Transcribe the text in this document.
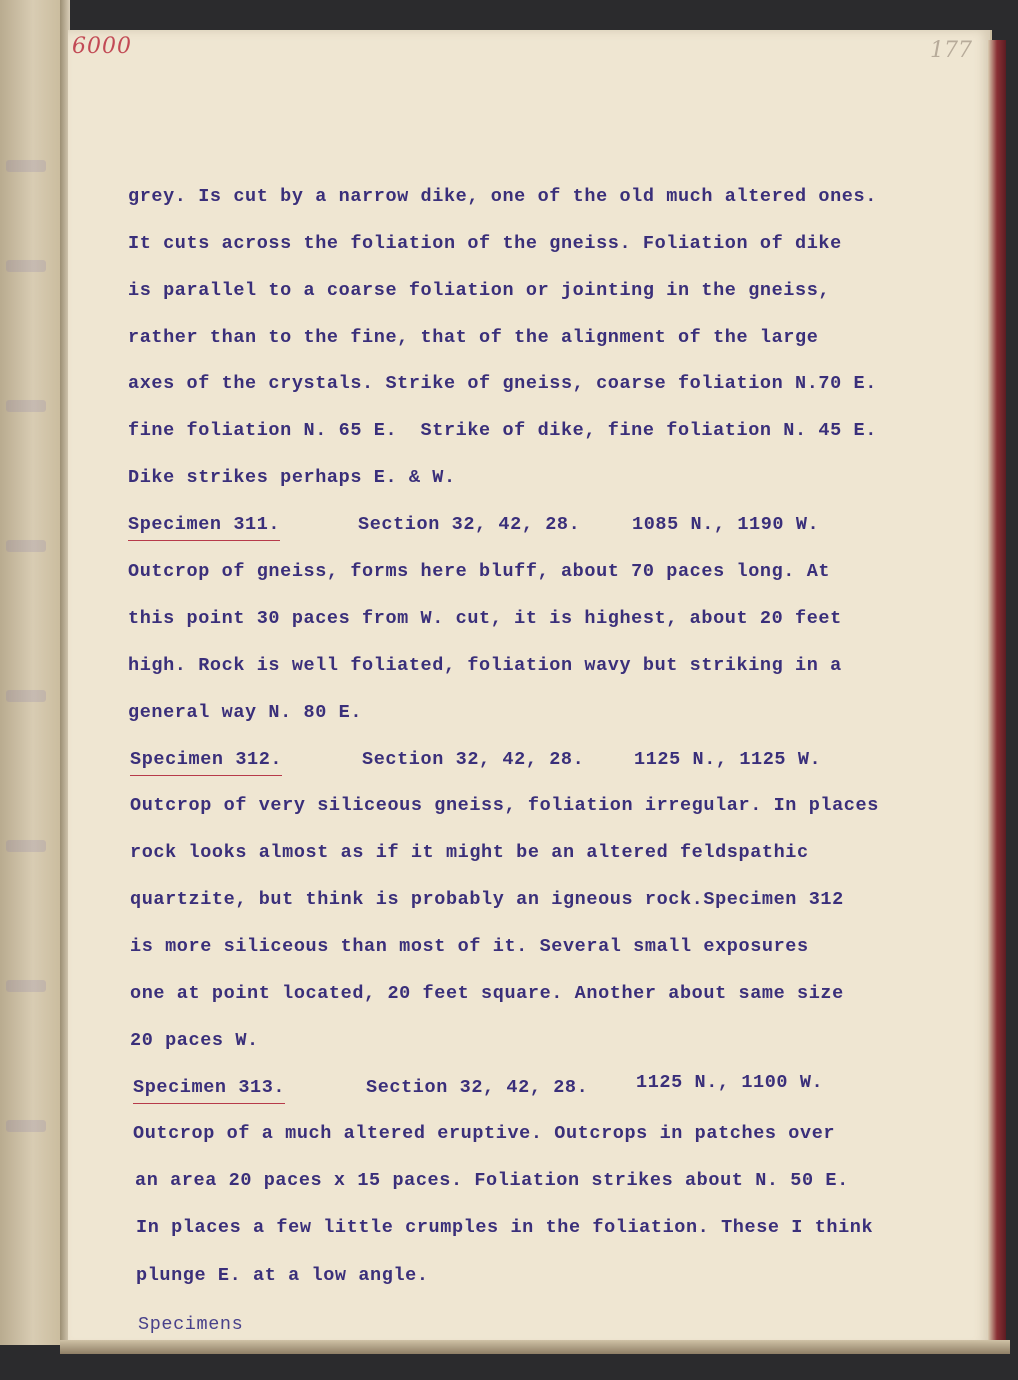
6000	177
grey. Is cut by a narrow dike, one of the old much altered ones.
It cuts across the foliation of the gneiss. Foliation of dike
is parallel to a coarse foliation or jointing in the gneiss,
rather than to the fine, that of the alignment of the large
axes of the crystals. Strike of gneiss, coarse foliation N.70 E.
fine foliation N. 65 E.  Strike of dike, fine foliation N. 45 E.
Dike strikes perhaps E. & W.
Specimen 311.	Section 32, 42, 28.	1085 N., 1190 W.
Outcrop of gneiss, forms here bluff, about 70 paces long. At
this point 30 paces from W. cut, it is highest, about 20 feet
high. Rock is well foliated, foliation wavy but striking in a
general way N. 80 E.
Specimen 312.	Section 32, 42, 28.	1125 N., 1125 W.
Outcrop of very siliceous gneiss, foliation irregular. In places
rock looks almost as if it might be an altered feldspathic
quartzite, but think is probably an igneous rock.Specimen 312
is more siliceous than most of it. Several small exposures
one at point located, 20 feet square. Another about same size
20 paces W.
Specimen 313.	Section 32, 42, 28.	1125 N., 1100 W.
Outcrop of a much altered eruptive. Outcrops in patches over
an area 20 paces x 15 paces. Foliation strikes about N. 50 E.
In places a few little crumples in the foliation. These I think
plunge E. at a low angle.
Specimens
